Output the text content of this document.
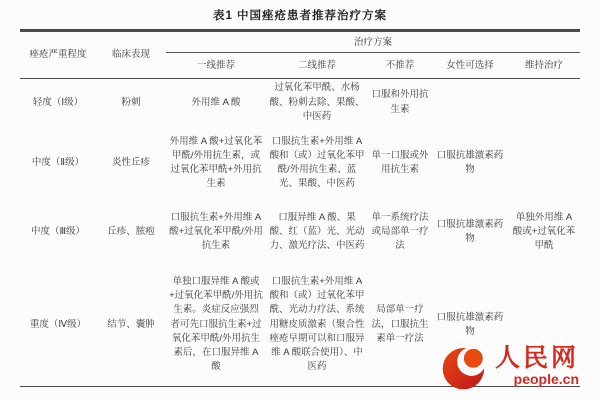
表1 中国痤疮患者推荐治疗方案
痤疮严重程度	临床表现	治疗方案				
		一线推荐	二线推荐	不推荐	女性可选择	维持治疗
轻度（Ⅰ级）	粉刺	外用维 A 酸	过氧化苯甲酰、水杨酸、粉刺去除、果酸、中医药	口服和外用抗生素		
中度（Ⅱ级）	炎性丘疹	外用维 A 酸+过氧化苯甲酰/外用抗生素，或过氧化苯甲酰+外用抗生素	口服抗生素+外用维 A 酸和（或）过氧化苯甲酰/外用抗生素、蓝光、果酸、中医药	单一口服或外用抗生素	口服抗雄激素药物	
中度（Ⅲ级）	丘疹、脓疱	口服抗生素+外用维 A 酸+过氧化苯甲酰/外用抗生素	口服异维 A 酸、果酸、红（蓝）光、光动力、激光疗法、中医药	单一系统疗法或局部单一疗法	口服抗雄激素药物	单独外用维 A 酸或+过氧化苯甲酰
重度（Ⅳ级）	结节、囊肿	单独口服异维 A 酸或+过氧化苯甲酰/外用抗生素。炎症反应强烈者可先口服抗生素+过氧化苯甲酰/外用抗生素后，在口服异维 A 酸	口服抗生素+外用维 A 酸和（或）过氧化苯甲酰、光动力疗法、系统用糖皮质激素（聚合性痤疮早期可以和口服异维 A 酸联合使用）、中医药	局部单一疗法，口服抗生素单一疗法	口服抗雄激素药物	
人民网
people.cn
